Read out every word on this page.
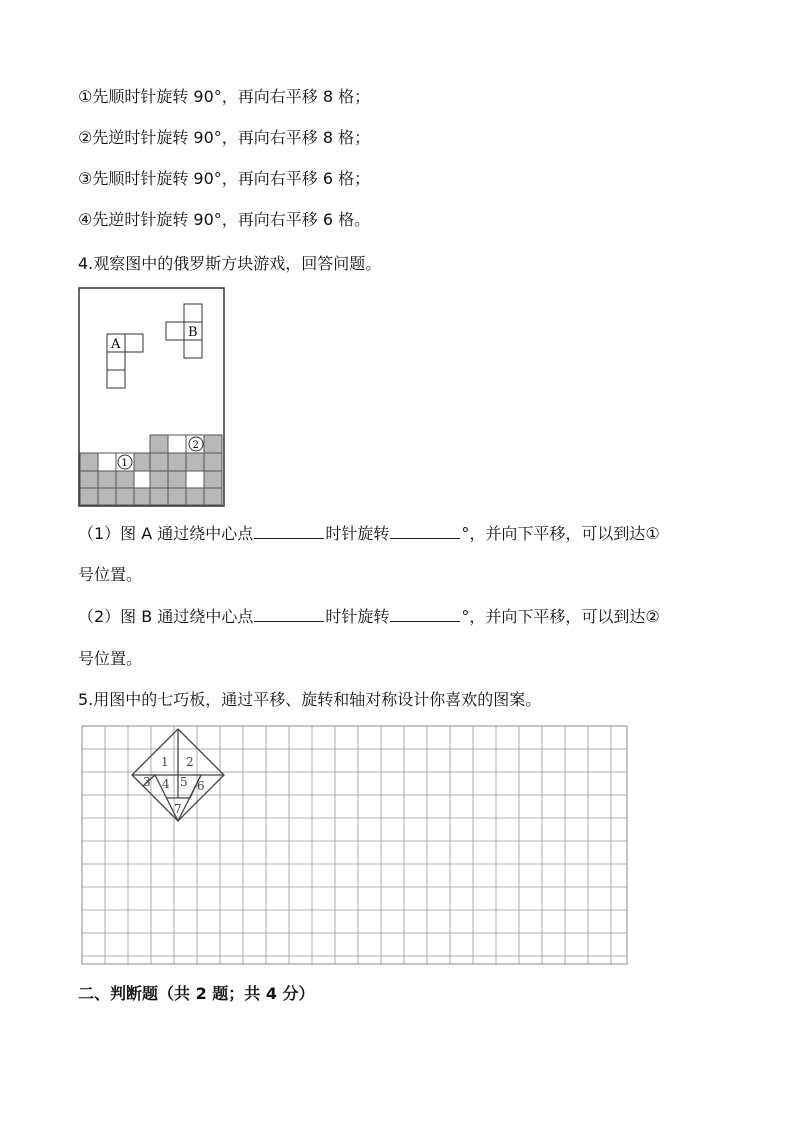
①先顺时针旋转 90°，再向右平移 8 格；
②先逆时针旋转 90°，再向右平移 8 格；
③先顺时针旋转 90°，再向右平移 6 格；
④先逆时针旋转 90°，再向右平移 6 格。
4.观察图中的俄罗斯方块游戏，回答问题。
A
B
1
2
（1）图 A 通过绕中心点	时针旋转	°，并向下平移，可以到达①
号位置。
（2）图 B 通过绕中心点	时针旋转	°，并向下平移，可以到达②
号位置。
5.用图中的七巧板，通过平移、旋转和轴对称设计你喜欢的图案。
1 2
3 4 5 6
7
二、判断题（共 2 题；共 4 分）
